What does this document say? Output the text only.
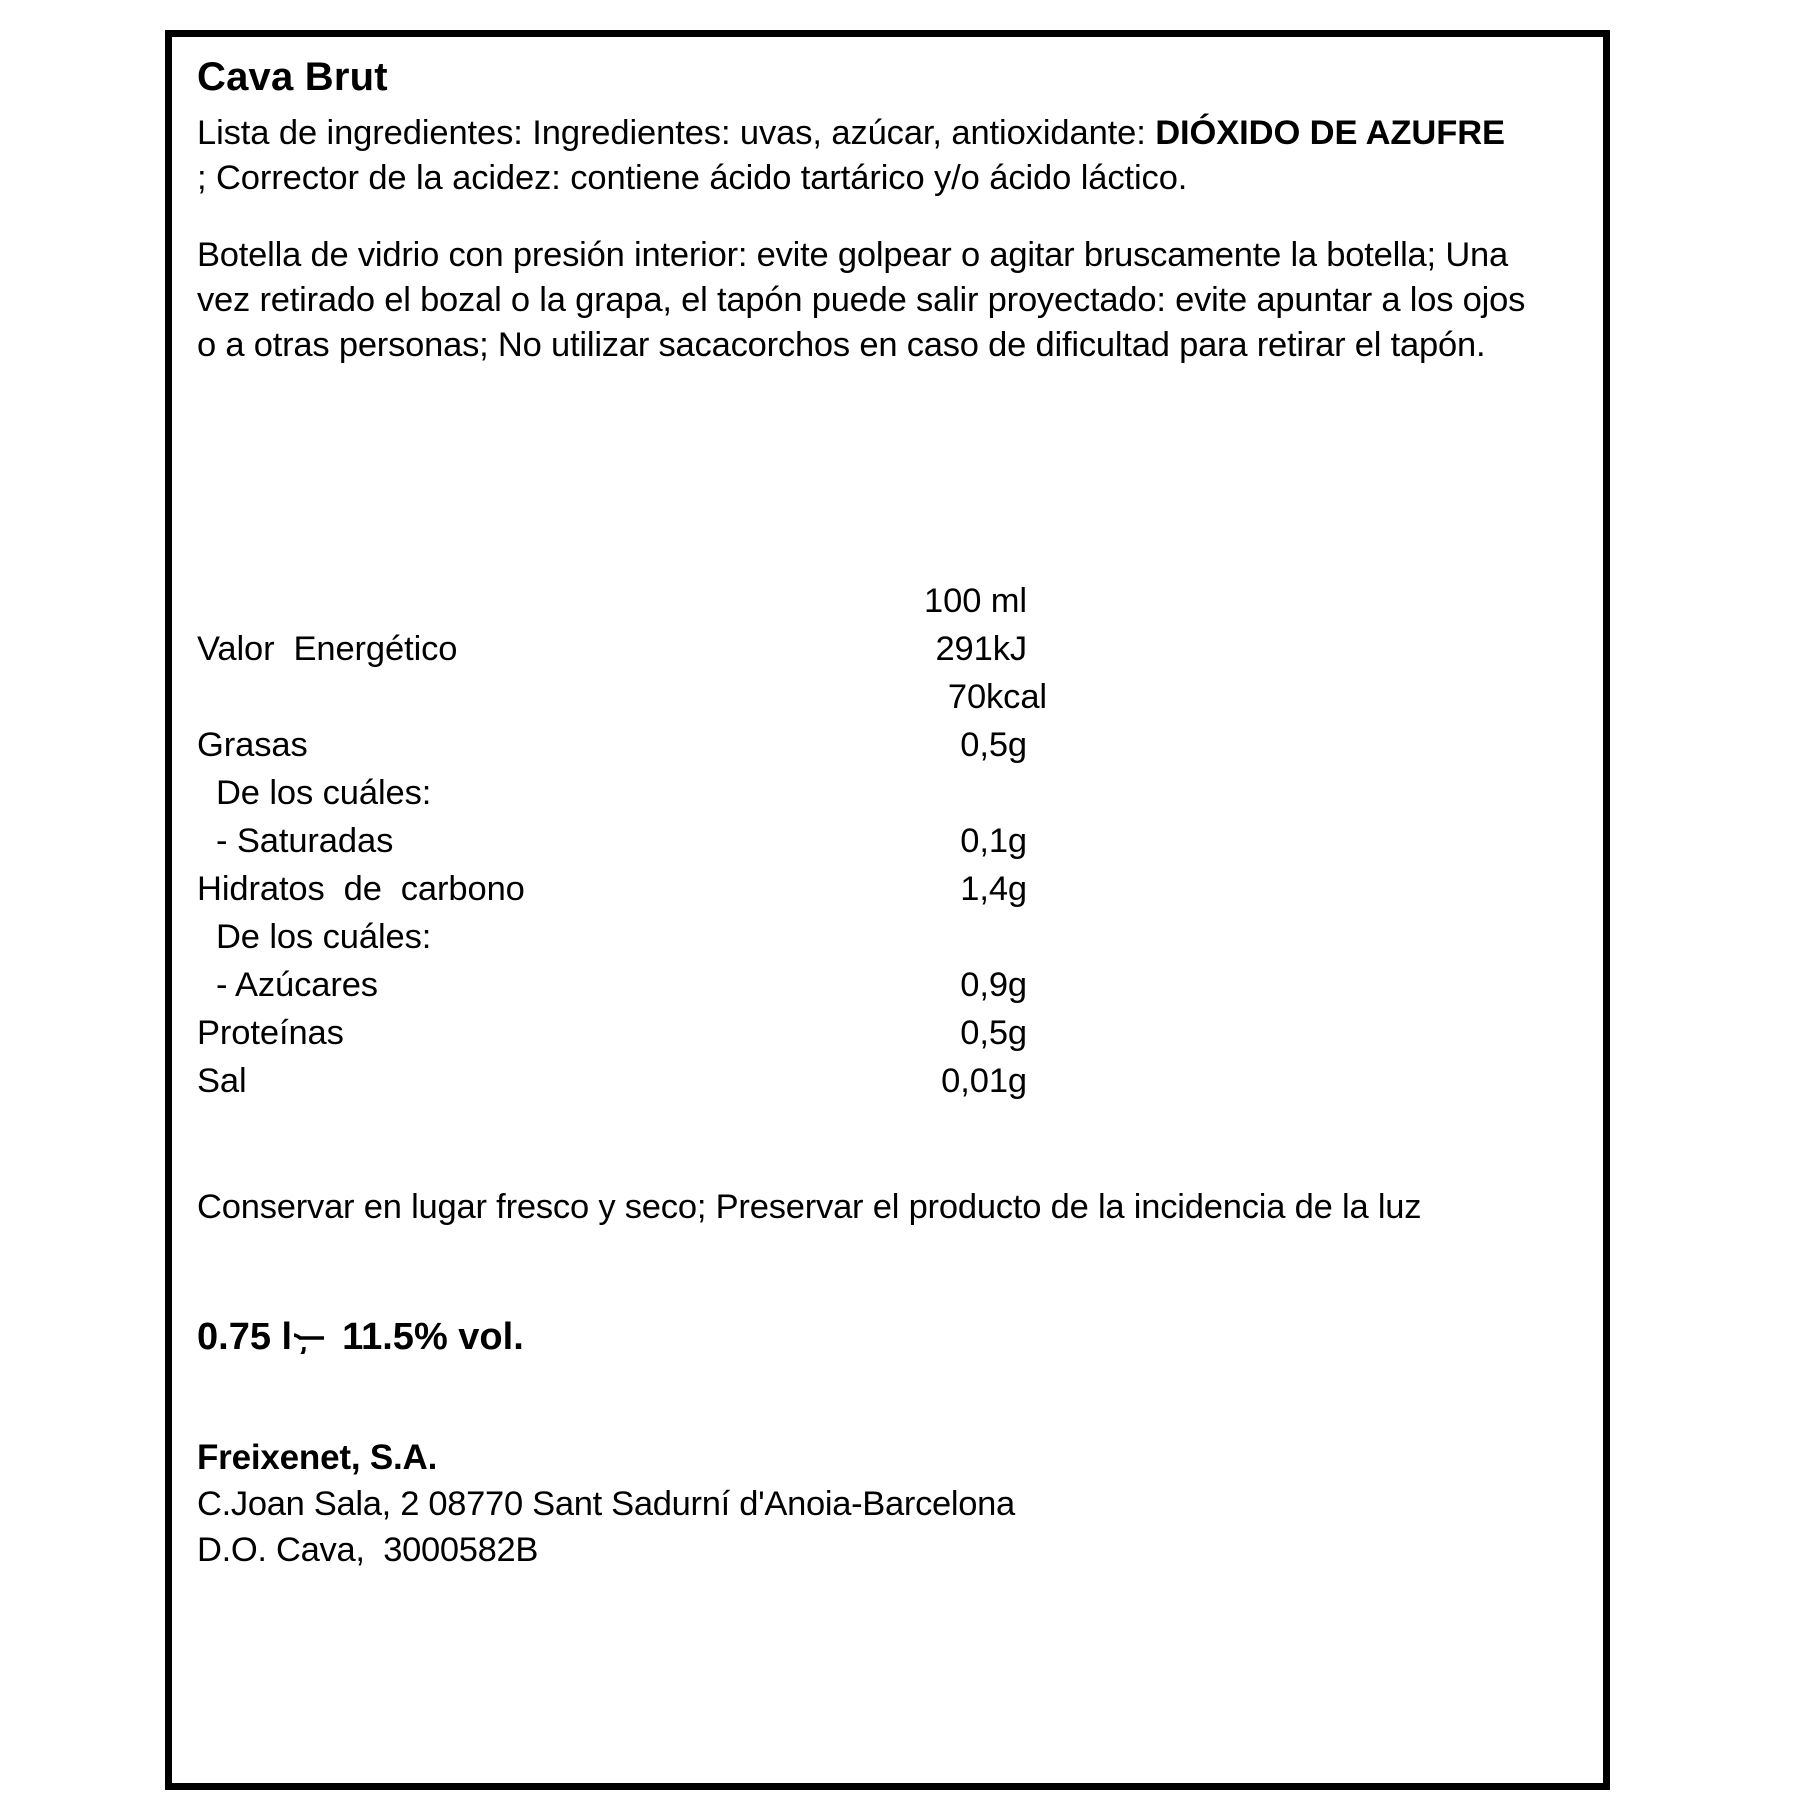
Cava Brut
Lista de ingredientes: Ingredientes: uvas, azúcar, antioxidante: DIÓXIDO DE AZUFRE ; Corrector de la acidez: contiene ácido tartárico y/o ácido láctico.
Botella de vidrio con presión interior: evite golpear o agitar bruscamente la botella; Una vez retirado el bozal o la grapa, el tapón puede salir proyectado: evite apuntar a los ojos o a otras personas; No utilizar sacacorchos en caso de dificultad para retirar el tapón.
100 ml
Valor  Energético	291kJ
70kcal
Grasas	0,5g
De los cuáles:
- Saturadas	0,1g
Hidratos  de  carbono	1,4g
De los cuáles:
- Azúcares	0,9g
Proteínas	0,5g
Sal	0,01g
Conservar en lugar fresco y seco; Preservar el producto de la incidencia de la luz
0.75 l 11.5% vol.
Freixenet, S.A.
C.Joan Sala, 2 08770 Sant Sadurní d'Anoia-Barcelona
D.O. Cava,  3000582B
